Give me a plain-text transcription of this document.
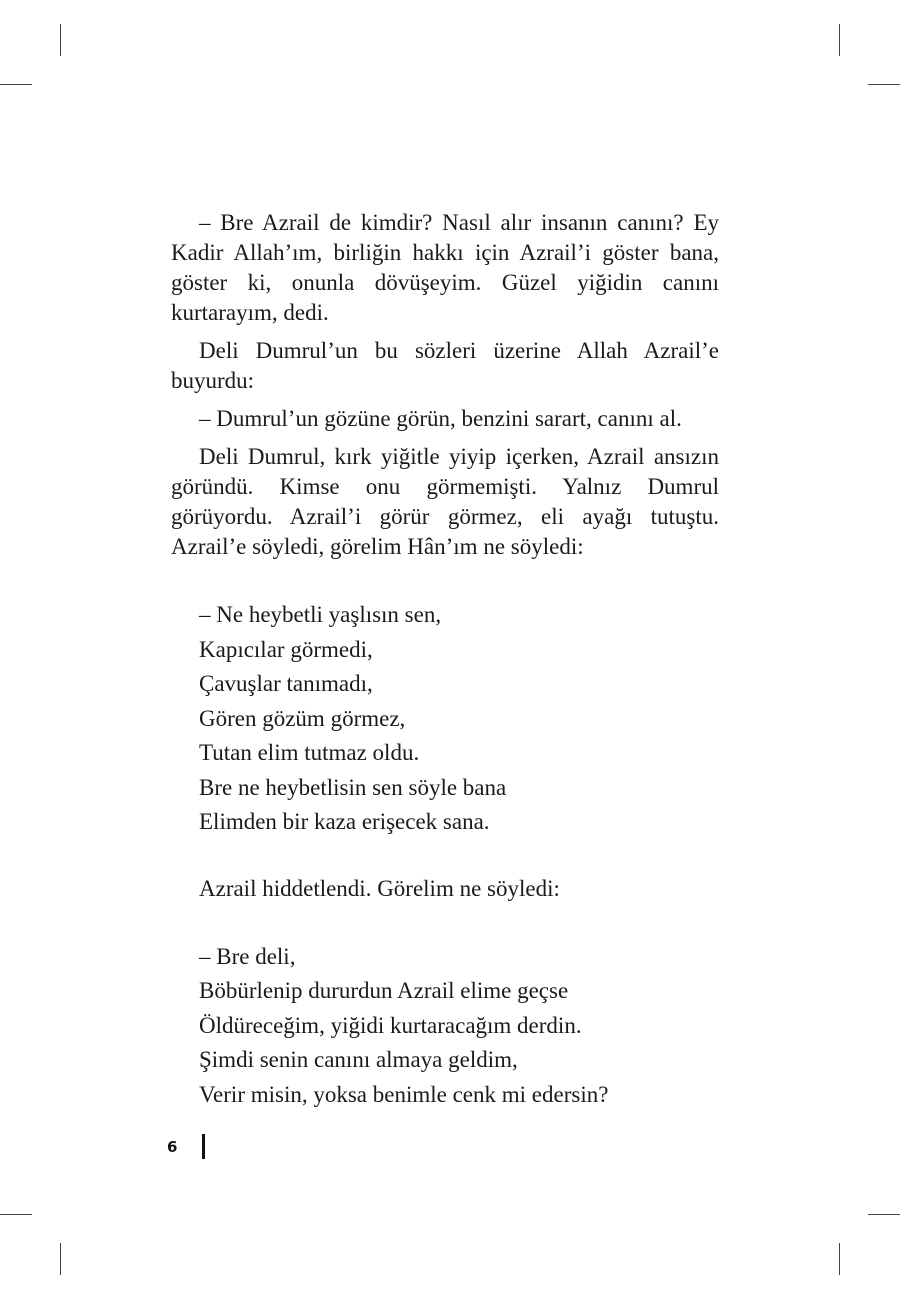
– Bre Azrail de kimdir? Nasıl alır insanın canını? Ey Kadir Allah’ım, birliğin hakkı için Azrail’i göster bana, göster ki, onunla dövüşeyim. Güzel yiğidin canını kurtarayım, dedi.

Deli Dumrul’un bu sözleri üzerine Allah Azrail’e buyurdu:

– Dumrul’un gözüne görün, benzini sarart, canını al.

Deli Dumrul, kırk yiğitle yiyip içerken, Azrail ansızın göründü. Kimse onu görmemişti. Yalnız Dumrul görüyordu. Azrail’i görür görmez, eli ayağı tutuştu. Azrail’e söyledi, görelim Hân’ım ne söyledi:

– Ne heybetli yaşlısın sen,
Kapıcılar görmedi,
Çavuşlar tanımadı,
Gören gözüm görmez,
Tutan elim tutmaz oldu.
Bre ne heybetlisin sen söyle bana
Elimden bir kaza erişecek sana.
Azrail hiddetlendi. Görelim ne söyledi:
– Bre deli,
Böbürlenip dururdun Azrail elime geçse
Öldüreceğim, yiğidi kurtaracağım derdin.
Şimdi senin canını almaya geldim,
Verir misin, yoksa benimle cenk mi edersin?
6
